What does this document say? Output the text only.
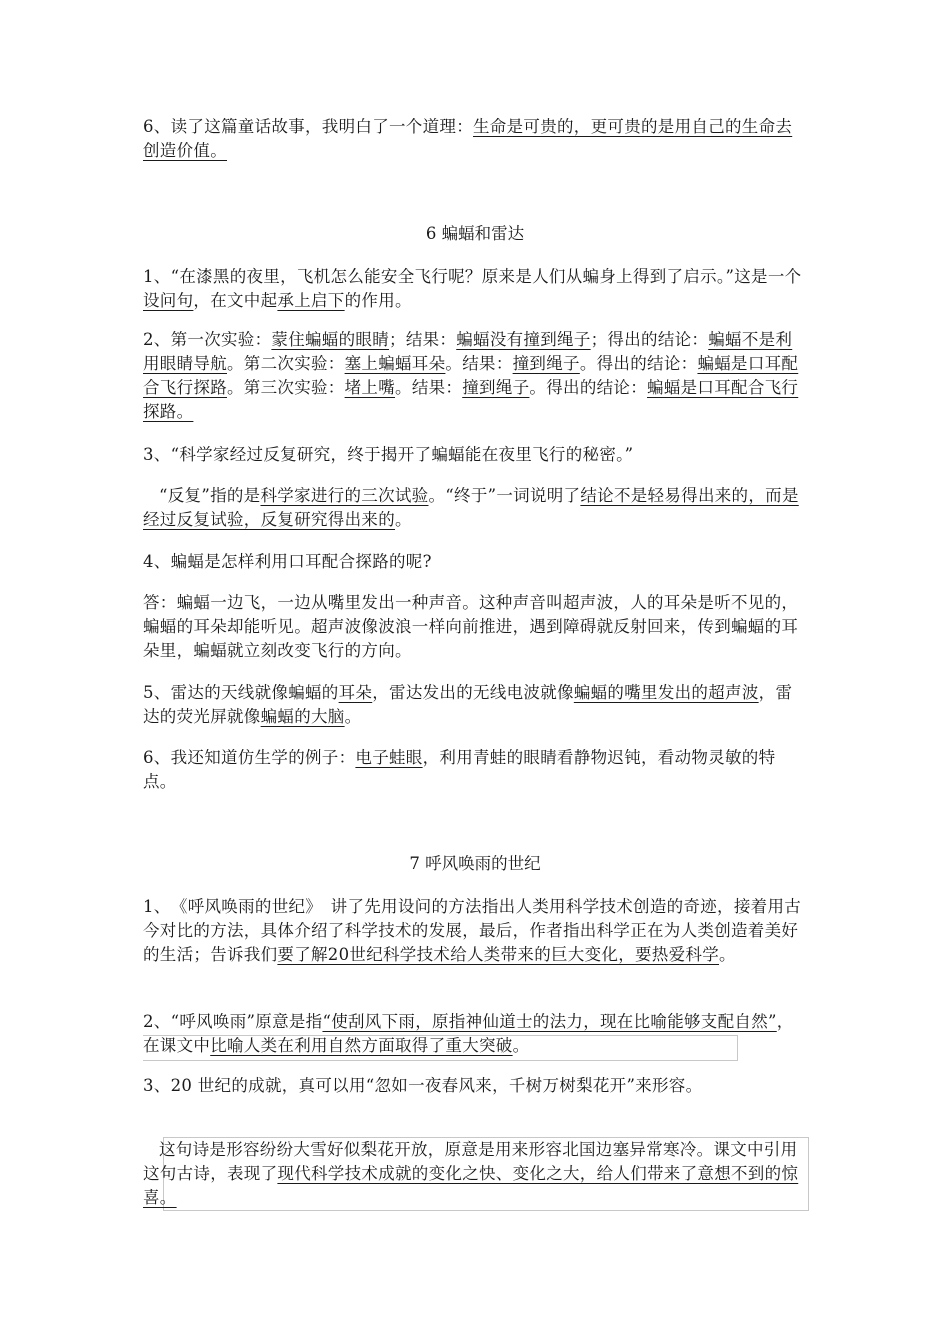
6、读了这篇童话故事，我明白了一个道理：生命是可贵的，更可贵的是用自己的生命去创造价值。

6 蝙蝠和雷达

1、“在漆黑的夜里，飞机怎么能安全飞行呢？原来是人们从蝙身上得到了启示。”这是一个设问句，在文中起承上启下的作用。

2、第一次实验：蒙住蝙蝠的眼睛；结果：蝙蝠没有撞到绳子；得出的结论：蝙蝠不是利用眼睛导航。第二次实验：塞上蝙蝠耳朵。结果：撞到绳子。得出的结论：蝙蝠是口耳配合飞行探路。第三次实验：堵上嘴。结果：撞到绳子。得出的结论：蝙蝠是口耳配合飞行探路。

3、“科学家经过反复研究，终于揭开了蝙蝠能在夜里飞行的秘密。”

“反复”指的是科学家进行的三次试验。“终于”一词说明了结论不是轻易得出来的，而是经过反复试验，反复研究得出来的。

4、蝙蝠是怎样利用口耳配合探路的呢?

答：蝙蝠一边飞，一边从嘴里发出一种声音。这种声音叫超声波，人的耳朵是听不见的，蝙蝠的耳朵却能听见。超声波像波浪一样向前推进，遇到障碍就反射回来，传到蝙蝠的耳朵里，蝙蝠就立刻改变飞行的方向。

5、雷达的天线就像蝙蝠的耳朵，雷达发出的无线电波就像蝙蝠的嘴里发出的超声波，雷达的荧光屏就像蝙蝠的大脑。

6、我还知道仿生学的例子：电子蛙眼，利用青蛙的眼睛看静物迟钝，看动物灵敏的特点。

7 呼风唤雨的世纪

1、　《呼风唤雨的世纪》　讲了先用设问的方法指出人类用科学技术创造的奇迹，接着用古今对比的方法，具体介绍了科学技术的发展，最后，作者指出科学正在为人类创造着美好的生活；告诉我们要了解20世纪科学技术给人类带来的巨大变化，要热爱科学。

2、“呼风唤雨”原意是指“使刮风下雨，原指神仙道士的法力，现在比喻能够支配自然”，在课文中比喻人类在利用自然方面取得了重大突破。

3、20 世纪的成就，真可以用“忽如一夜春风来，千树万树梨花开”来形容。

这句诗是形容纷纷大雪好似梨花开放，原意是用来形容北国边塞异常寒冷。课文中引用这句古诗，表现了现代科学技术成就的变化之快、变化之大，给人们带来了意想不到的惊喜。
